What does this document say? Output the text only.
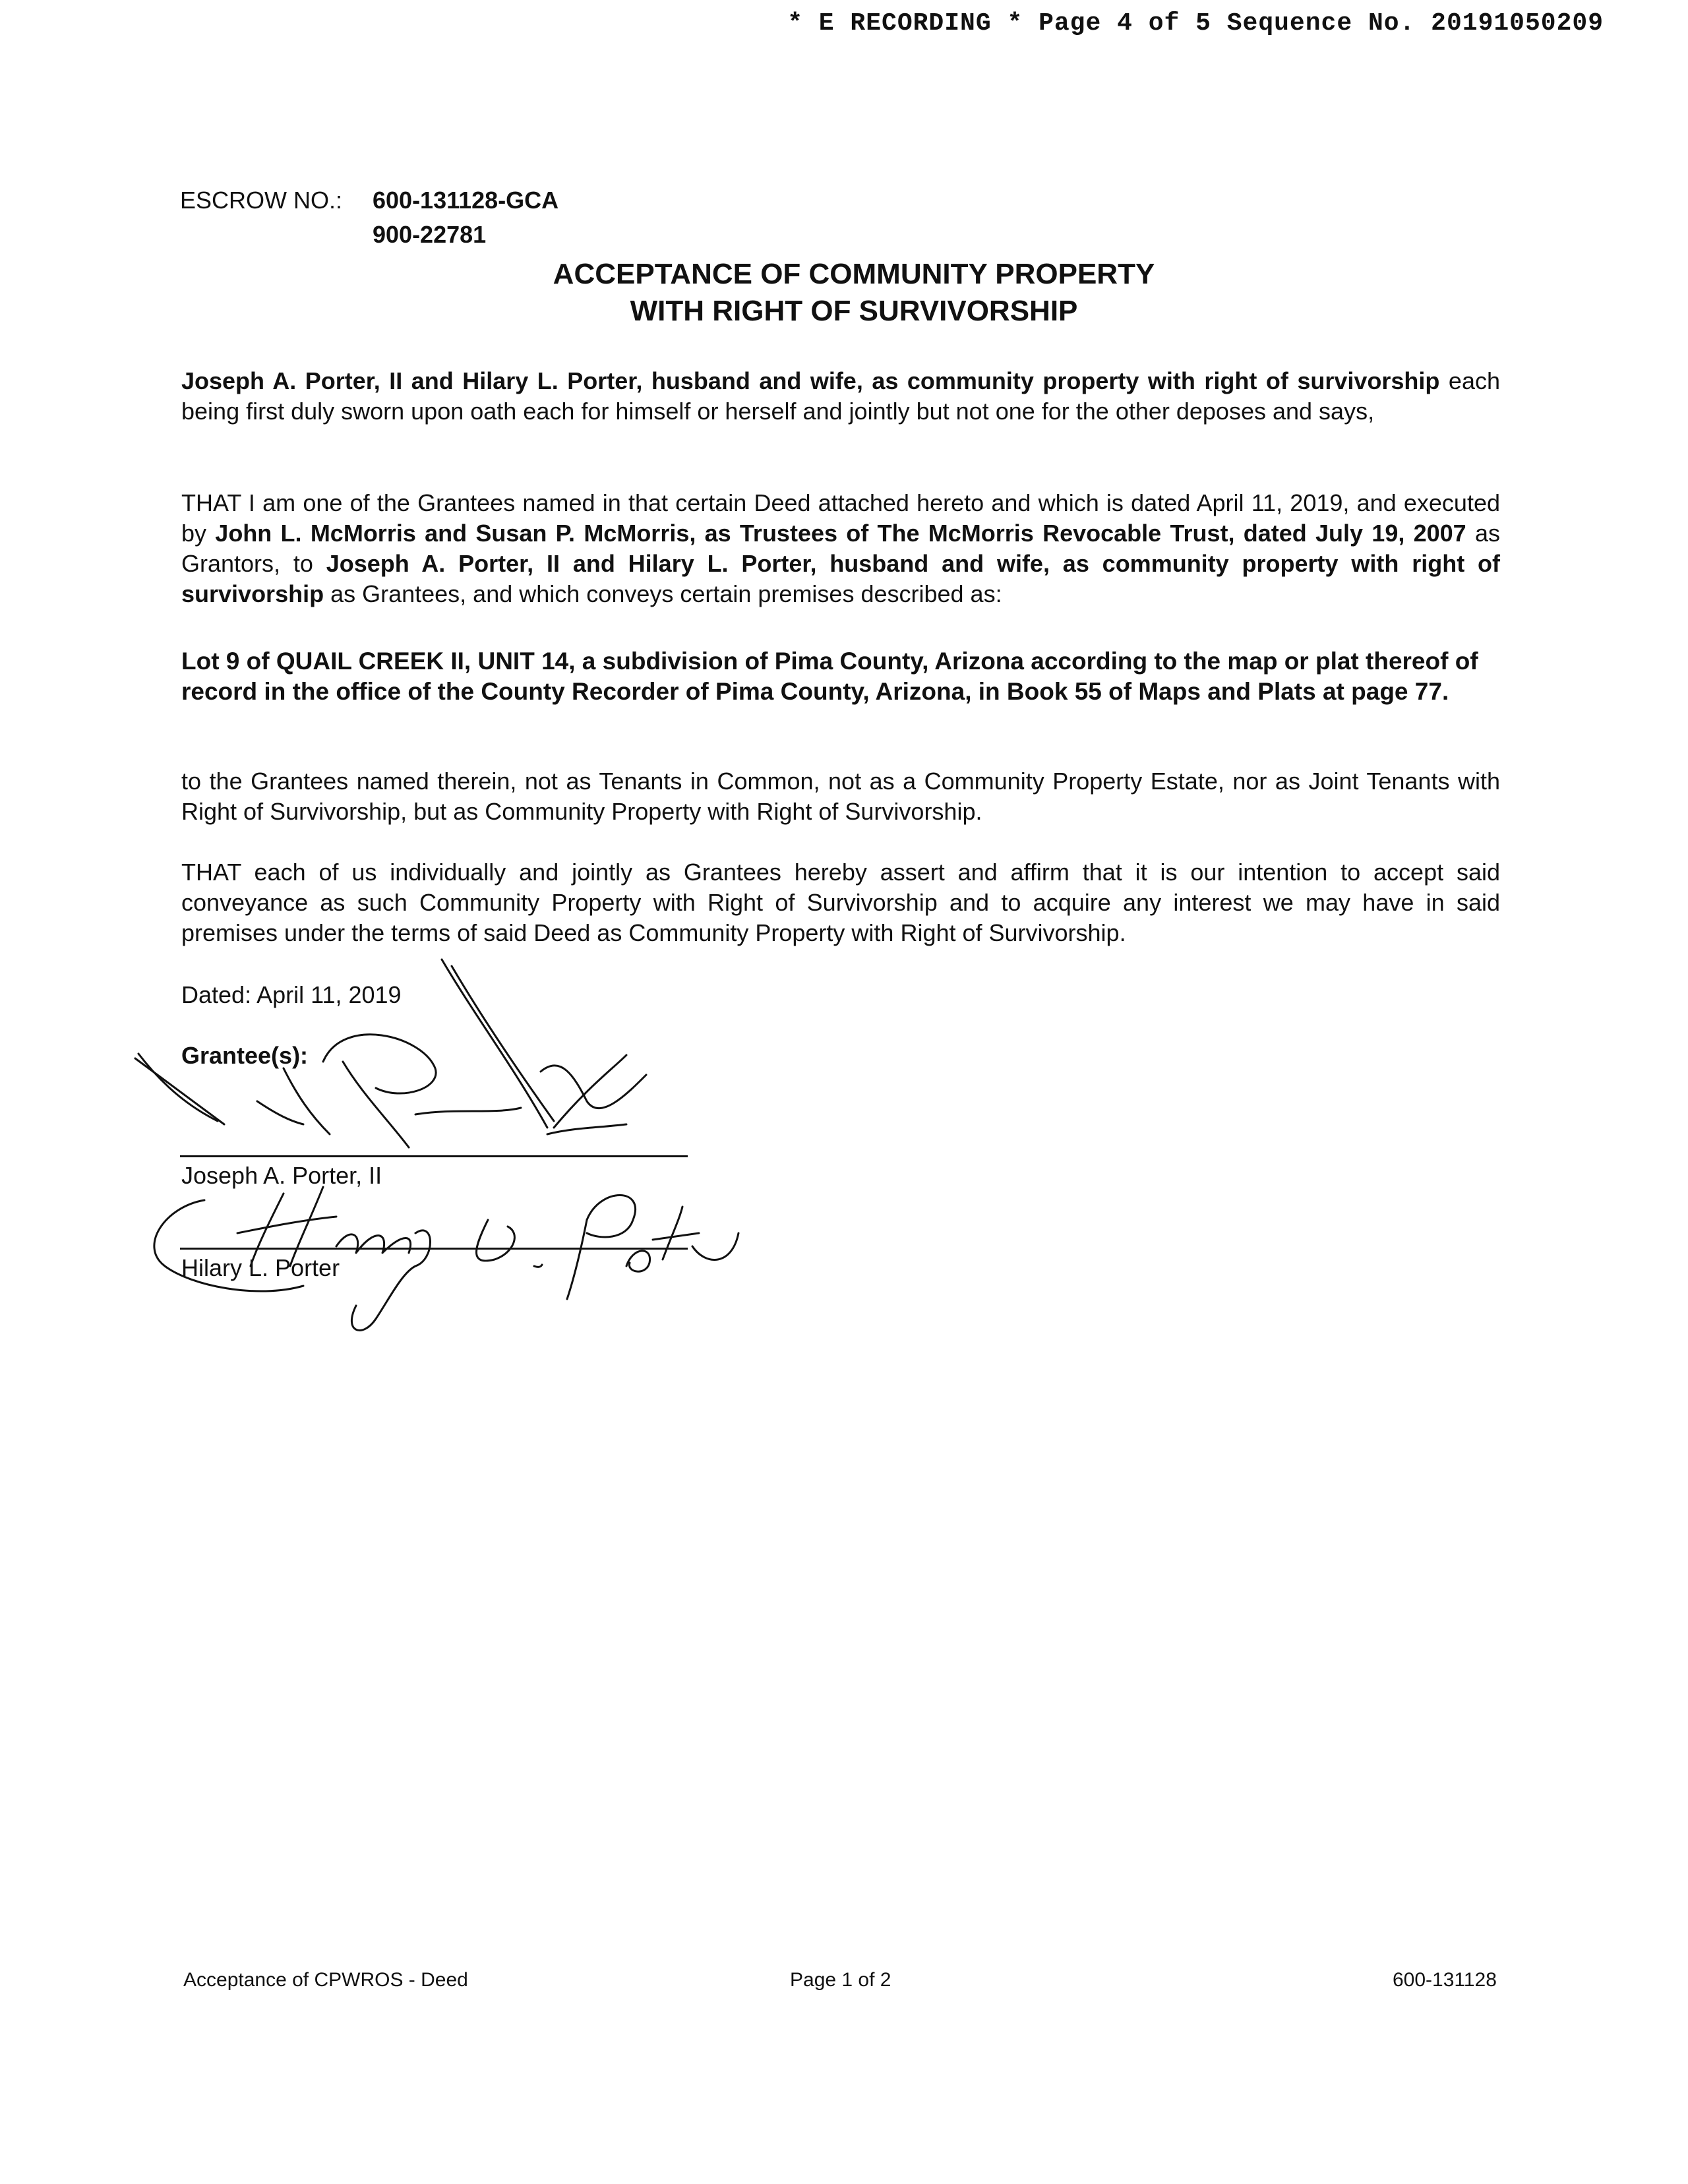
* E RECORDING * Page 4 of 5 Sequence No. 20191050209
ESCROW NO.: 600-131128-GCA
900-22781
ACCEPTANCE OF COMMUNITY PROPERTY
WITH RIGHT OF SURVIVORSHIP

Joseph A. Porter, II and Hilary L. Porter, husband and wife, as community property with right of survivorship each being first duly sworn upon oath each for himself or herself and jointly but not one for the other deposes and says,

THAT I am one of the Grantees named in that certain Deed attached hereto and which is dated April 11, 2019, and executed by John L. McMorris and Susan P. McMorris, as Trustees of The McMorris Revocable Trust, dated July 19, 2007 as Grantors, to Joseph A. Porter, II and Hilary L. Porter, husband and wife, as community property with right of survivorship as Grantees, and which conveys certain premises described as:

Lot 9 of QUAIL CREEK II, UNIT 14, a subdivision of Pima County, Arizona according to the map or plat thereof of record in the office of the County Recorder of Pima County, Arizona, in Book 55 of Maps and Plats at page 77.

to the Grantees named therein, not as Tenants in Common, not as a Community Property Estate, nor as Joint Tenants with Right of Survivorship, but as Community Property with Right of Survivorship.

THAT each of us individually and jointly as Grantees hereby assert and affirm that it is our intention to accept said conveyance as such Community Property with Right of Survivorship and to acquire any interest we may have in said premises under the terms of said Deed as Community Property with Right of Survivorship.

Dated: April 11, 2019
Grantee(s):
Joseph A. Porter, II
Hilary L. Porter
Acceptance of CPWROS - Deed	Page 1 of 2	600-131128
